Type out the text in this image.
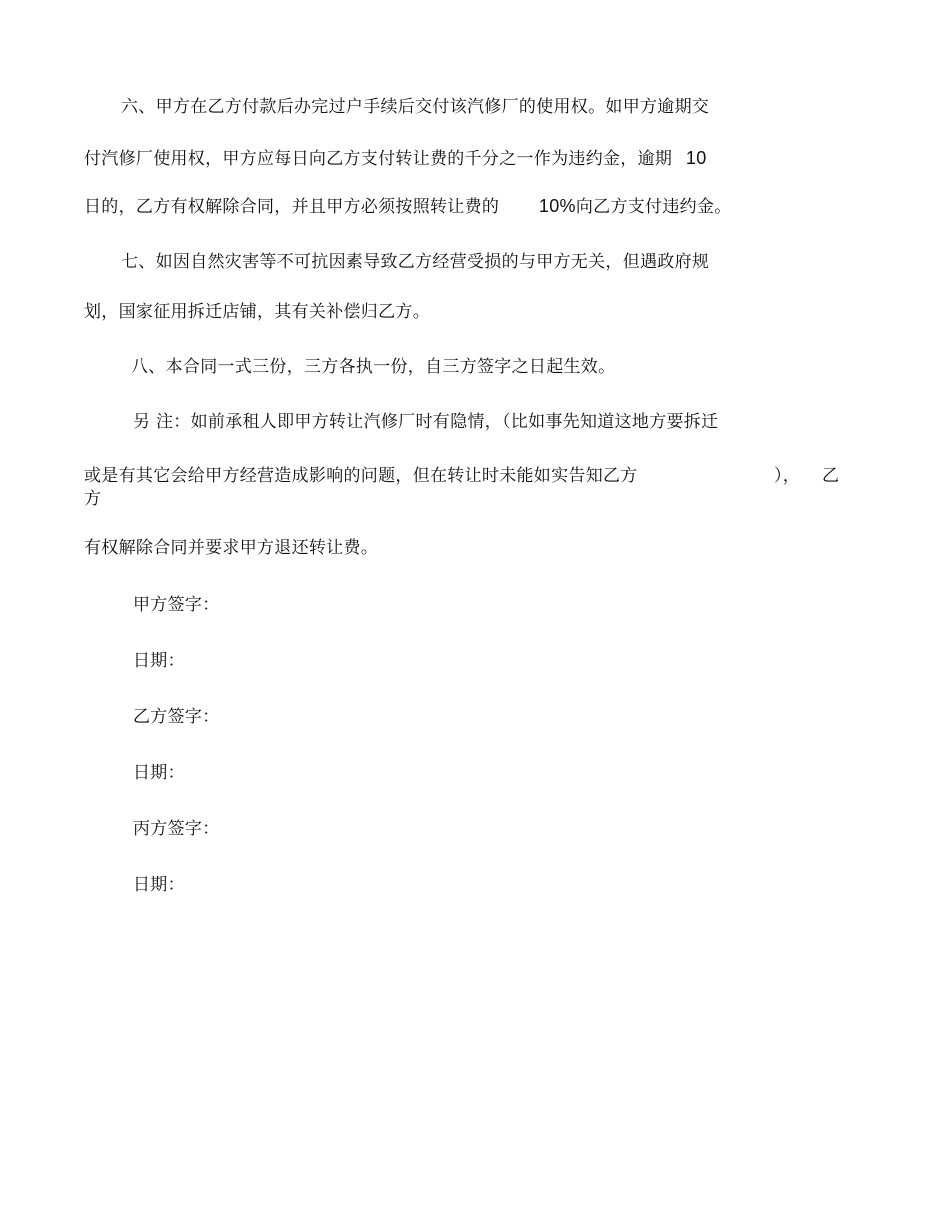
六、甲方在乙方付款后办完过户手续后交付该汽修厂的使用权。如甲方逾期交
付汽修厂使用权，甲方应每日向乙方支付转让费的千分之一作为违约金，逾期 10
日的，乙方有权解除合同，并且甲方必须按照转让费的 10%向乙方支付违约金。
七、如因自然灾害等不可抗因素导致乙方经营受损的与甲方无关，但遇政府规
划，国家征用拆迁店铺，其有关补偿归乙方。
八、本合同一式三份，三方各执一份，自三方签字之日起生效。
另 注：如前承租人即甲方转让汽修厂时有隐情，（比如事先知道这地方要拆迁
或是有其它会给甲方经营造成影响的问题，但在转让时未能如实告知乙方	）， 乙
方
有权解除合同并要求甲方退还转让费。
甲方签字：
日期：
乙方签字：
日期：
丙方签字：
日期：
